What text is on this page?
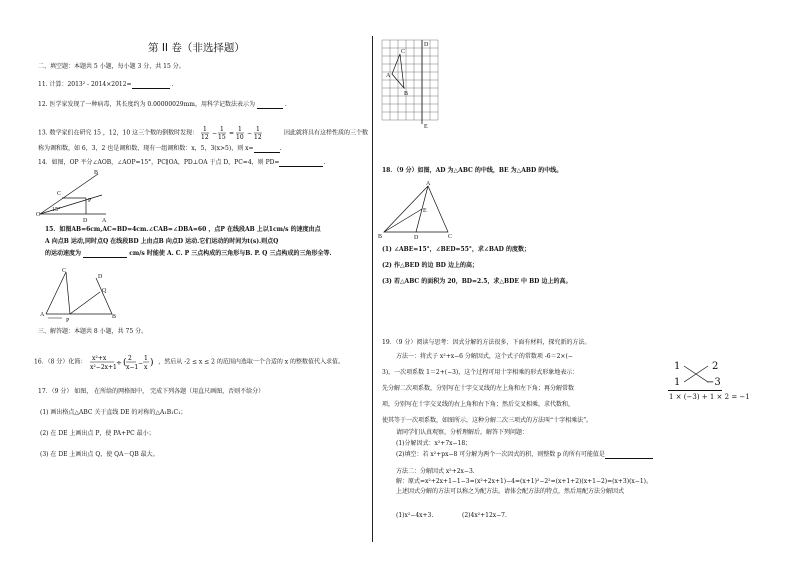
第 II 卷（非选择题）
二、填空题：本题共 5 小题，每小题 3 分，共 15 分。
11. 计算：2013² - 2014×2012=	.
12. 医学家发现了一种病毒，其长度约为 0.00000029mm，用科学记数法表示为	.
13. 数学家们在研究 15 ，12，10 这三个数的倒数时发现： 1
12
−
1
15
=
1
10
−
1
12
因此就将具有这样性质的三个数
称为调和数，如 6，3，2 也是调和数，现有一组调和数：x，5，3(x>5)，则 x=	.
14．如图，OP 平分∠AOB，∠AOP=15°，PC∥OA，PD⊥OA 于点 D，PC=4，则 PD=	.
O
C
P
D A
B
15°
15．如图AB=6cm,AC=BD=4cm.∠CAB=∠DBA=60 ，点P 在线段AB 上以1cm/s 的速度由点
A 向点B 运动,同时点Q 在线段BD 上由点B 向点D 运动.它们运动的时间为t(s).则点Q
的运动速度为	cm/s 时能使 A. C. P 三点构成的三角形与B. P. Q 三点构成的三角形全等.
A
C
P
D
Q
B
三、解答题：本题共 8 小题，共 75 分。
16．（8 分）化简： x²+x
x²−2x+1
÷ ( 2
x−1
−
1
x ) ，然后从 -2 ≤ x ≤ 2 的范围内选取一个合适的 x 的整数值代入求值。
17．（9 分） 如图， 在所给的网格图中， 完成下列各题（用直尺画图，否则不给分）
(1) 画出格点△ABC 关于直线 DE 的对称的△A₁B₁C₁；
(2) 在 DE 上画出点 P，使 PA+PC 最小；
(3) 在 DE 上画出点 Q，使 QA－QB 最大。
D
E
A
C
B
18．（9 分）如图，AD 为△ABC 的中线，BE 为△ABD 的中线。
A
B	C
D
E
(1) ∠ABE=15°，∠BED=55°，求∠BAD 的度数；
(2) 作△BED 的边 BD 边上的高；
(3) 若△ABC 的面积为 20，BD=2.5，求△BDE 中 BD 边上的高。
19．（9 分）阅读与思考：因式分解的方法很多，下面有材料，探究新的方法。
方法一：将式子 x²+x−6 分解因式，这个式子的常数项 -6＝2×(−
3)，一次项系数 1＝2+(−3)，这个过程可用十字相乘的形式形象地表示：
先分解二次项系数，分别写在十字交叉线的左上角和左下角；再分解常数
项，分别写在十字交叉线的右上角和右下角；然后交叉相乘，求代数和，
使其等于一次项系数，如图所示，这种分解二次三项式的方法叫“十字相乘法”。
请同学们认真观察，分析理解后，解答下列问题：
(1)分解因式：x²+7x−18；
(2)填空：若 x²+px−8 可分解为两个一次因式的积，则整数 p 的所有可能值是
1
1
2
−3
1 × (−3) + 1 × 2 = −1
方法二：分解因式 x²+2x−3.
解：原式=x²+2x+1−1−3=(x²+2x+1)−4=(x+1)²−2²=(x+1+2)(x+1−2)=(x+3)(x−1)。
上述因式分解的方法可以称之为配方法。请体会配方法的特点，然后用配方法分解因式
(1)x²−4x+3.	(2)4x²+12x−7.
